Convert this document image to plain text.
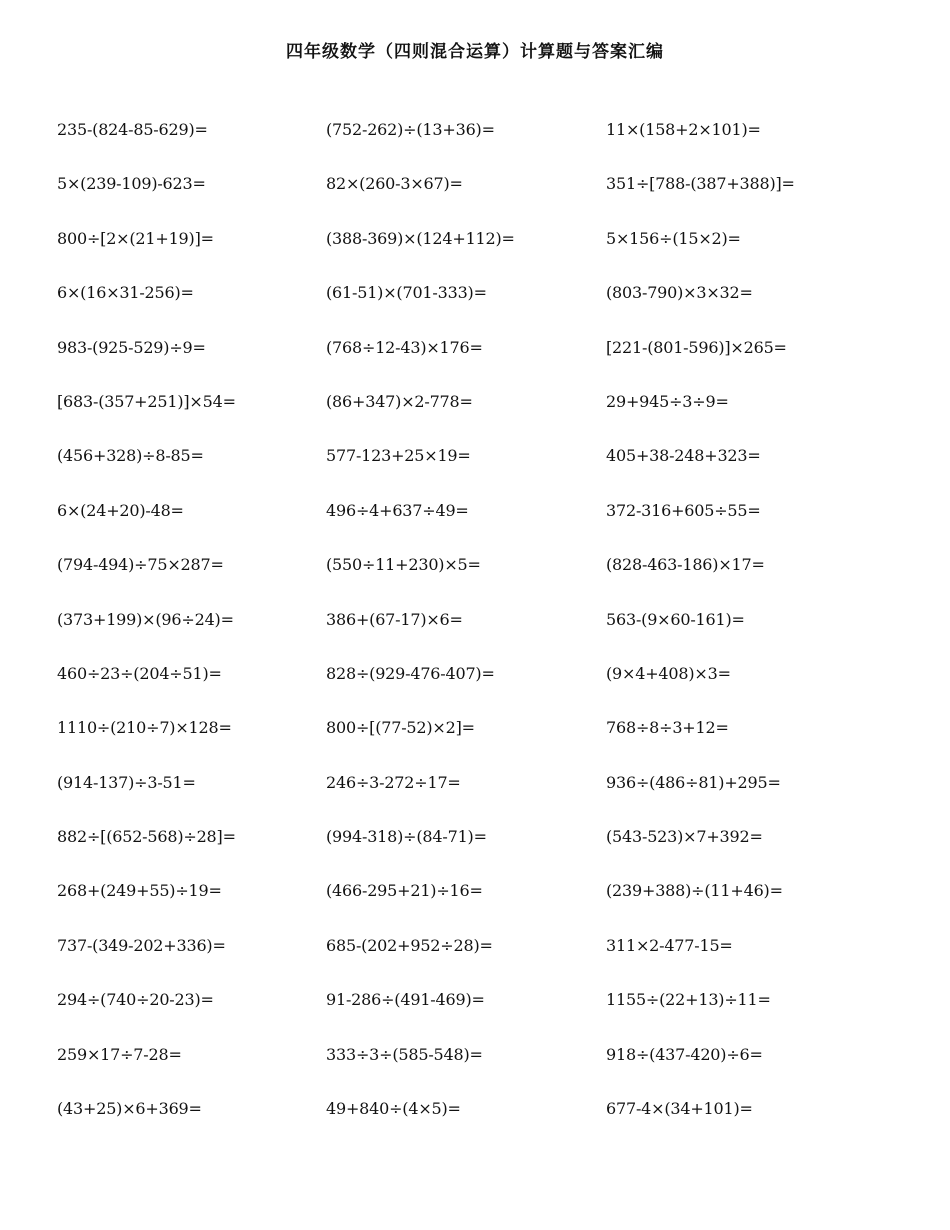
四年级数学（四则混合运算）计算题与答案汇编
235-(824-85-629)=	(752-262)÷(13+36)=	11×(158+2×101)=
5×(239-109)-623=	82×(260-3×67)=	351÷[788-(387+388)]=
800÷[2×(21+19)]=	(388-369)×(124+112)=	5×156÷(15×2)=
6×(16×31-256)=	(61-51)×(701-333)=	(803-790)×3×32=
983-(925-529)÷9=	(768÷12-43)×176=	[221-(801-596)]×265=
[683-(357+251)]×54=	(86+347)×2-778=	29+945÷3÷9=
(456+328)÷8-85=	577-123+25×19=	405+38-248+323=
6×(24+20)-48=	496÷4+637÷49=	372-316+605÷55=
(794-494)÷75×287=	(550÷11+230)×5=	(828-463-186)×17=
(373+199)×(96÷24)=	386+(67-17)×6=	563-(9×60-161)=
460÷23÷(204÷51)=	828÷(929-476-407)=	(9×4+408)×3=
1110÷(210÷7)×128=	800÷[(77-52)×2]=	768÷8÷3+12=
(914-137)÷3-51=	246÷3-272÷17=	936÷(486÷81)+295=
882÷[(652-568)÷28]=	(994-318)÷(84-71)=	(543-523)×7+392=
268+(249+55)÷19=	(466-295+21)÷16=	(239+388)÷(11+46)=
737-(349-202+336)=	685-(202+952÷28)=	311×2-477-15=
294÷(740÷20-23)=	91-286÷(491-469)=	1155÷(22+13)÷11=
259×17÷7-28=	333÷3÷(585-548)=	918÷(437-420)÷6=
(43+25)×6+369=	49+840÷(4×5)=	677-4×(34+101)=
